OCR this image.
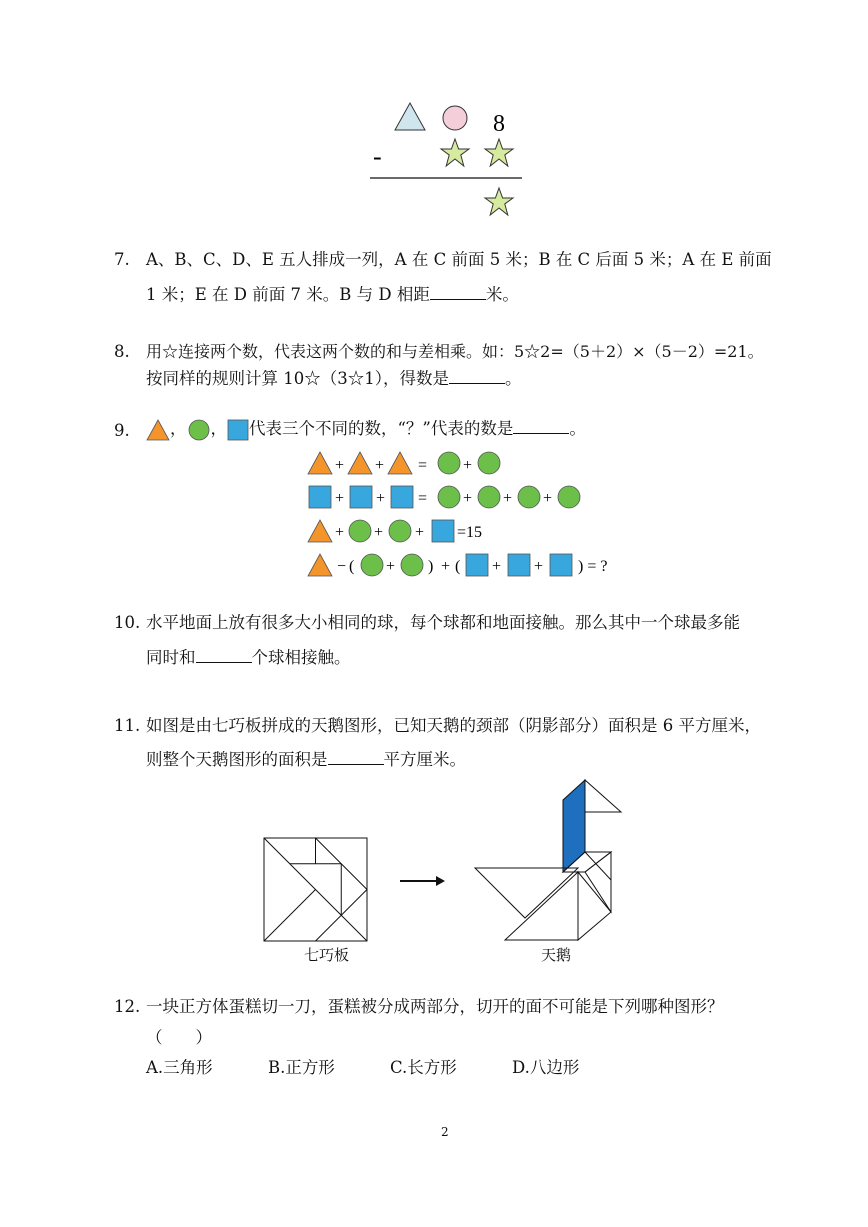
8
-
7. A、B、C、D、E 五人排成一列，A 在 C 前面 5 米；B 在 C 后面 5 米；A 在 E 前面
1 米；E 在 D 前面 7 米。B 与 D 相距	米。
8. 用☆连接两个数，代表这两个数的和与差相乘。如：5☆2=（5＋2）×（5－2）=21。
按同样的规则计算 10☆（3☆1），得数是	。
9.	， ， 代表三个不同的数，“？”代表的数是	。
+ + = +
+ + = + + +
+ + + =15
− ( + ) + ( + + ) = ?
10. 水平地面上放有很多大小相同的球，每个球都和地面接触。那么其中一个球最多能
同时和	个球相接触。
11. 如图是由七巧板拼成的天鹅图形，已知天鹅的颈部（阴影部分）面积是 6 平方厘米，
则整个天鹅图形的面积是	平方厘米。
七巧板	天鹅
12. 一块正方体蛋糕切一刀，蛋糕被分成两部分，切开的面不可能是下列哪种图形？
（　　）
A.三角形	B.正方形	C.长方形	D.八边形
2
